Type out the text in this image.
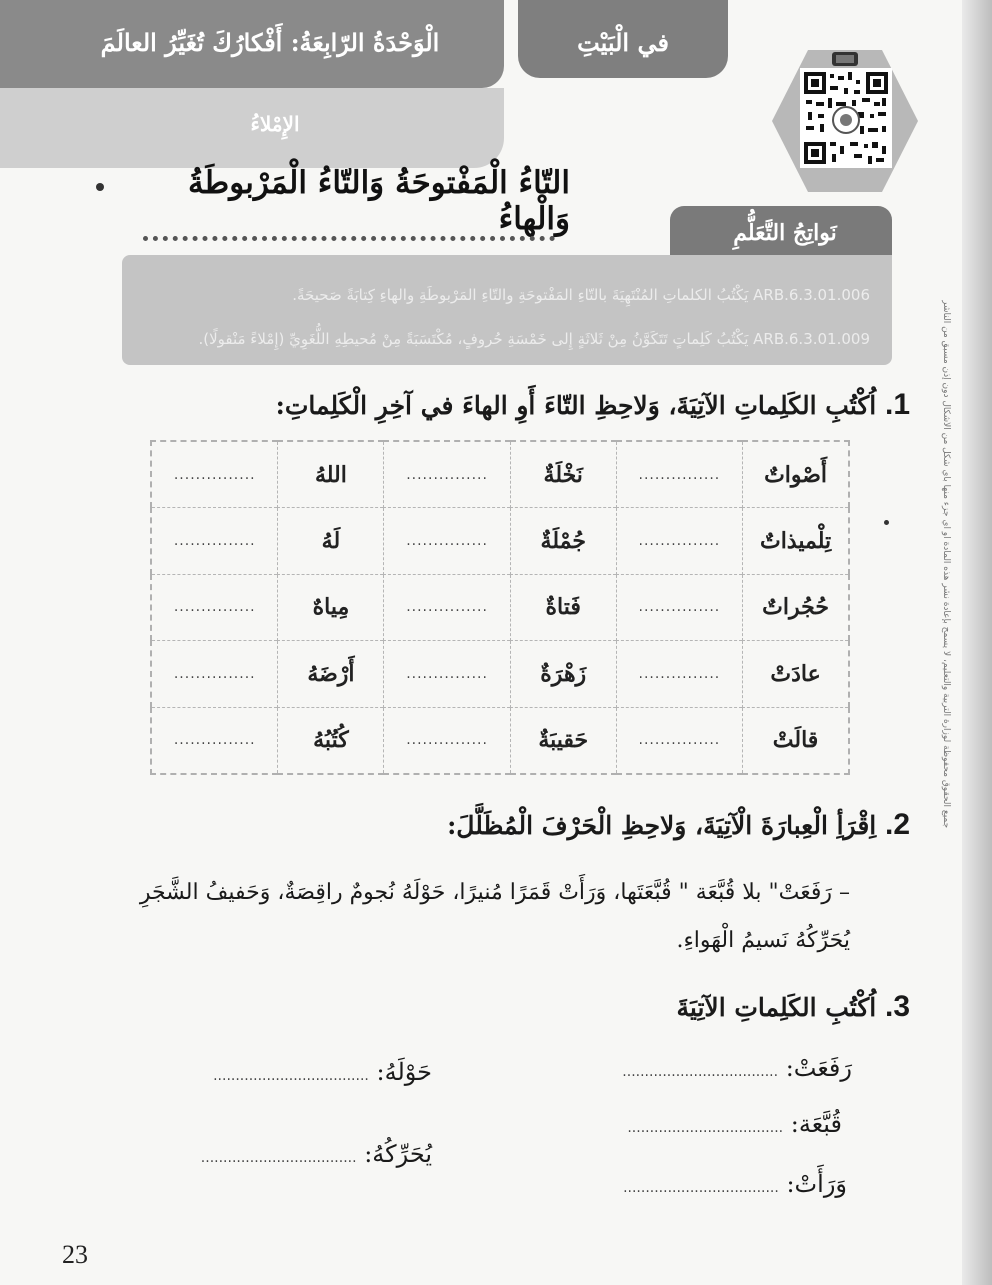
الْوَحْدَةُ الرّابِعَةُ: أَفْكارُكَ تُغَيِّرُ العالَمَ
الإِمْلاءُ
في الْبَيْتِ
التّاءُ الْمَفْتوحَةُ وَالتّاءُ الْمَرْبوطَةُ وَالْهاءُ	نَواتِجُ التَّعَلُّمِ
ARB.6.3.01.006 يَكْتُبُ الكلماتِ المُنْتَهِيَةَ بالتّاءِ المَفْتوحَةِ والتّاءِ المَرْبوطَةِ والهاءِ كِتابَةً صَحيحَةً.
ARB.6.3.01.009 يَكْتُبُ كَلِماتٍ تَتَكَوَّنُ مِنْ ثَلاثَةٍ إِلى خَمْسَةِ حُروفٍ، مُكْتَسَبَةً مِنْ مُحيطِهِ اللُّغَوِيِّ (إِمْلاءً مَنْقولًا).
1. اُكْتُبِ الكَلِماتِ الآتِيَةَ، وَلاحِظِ التّاءَ أَوِ الهاءَ في آخِرِ الْكَلِماتِ:
أَصْواتٌ	...............	نَخْلَةٌ	...............	اللهُ	...............
تِلْميذاتٌ	...............	جُمْلَةٌ	...............	لَهُ	...............
حُجُراتٌ	...............	فَتاةٌ	...............	مِياهٌ	...............
عادَتْ	...............	زَهْرَةٌ	...............	أَرْضَهُ	...............
قالَتْ	...............	حَقيبَةٌ	...............	كُتُبُهُ	...............
2. اِقْرَأِ الْعِبارَةَ الْآتِيَةَ، وَلاحِظِ الْحَرْفَ الْمُظَلَّلَ:
– رَفَعَتْ" بلا قُبَّعَة " قُبَّعَتَها، وَرَأَتْ قَمَرًا مُنيرًا، حَوْلَهُ نُجومٌ راقِصَةٌ، وَحَفيفُ الشَّجَرِ
يُحَرِّكُهُ نَسيمُ الْهَواءِ.
3. اُكْتُبِ الكَلِماتِ الآتِيَةَ
رَفَعَتْ: ...................................
قُبَّعَة: ...................................
وَرَأَتْ: ...................................
حَوْلَهُ: ...................................
يُحَرِّكُهُ: ...................................
جميع الحقوق محفوظة لوزارة التربية والتعليم، لا يسمح بإعادة نشر هذه المادة أو أي جزء منها بأي شكل من الأشكال دون إذن مسبق من الناشر
23
